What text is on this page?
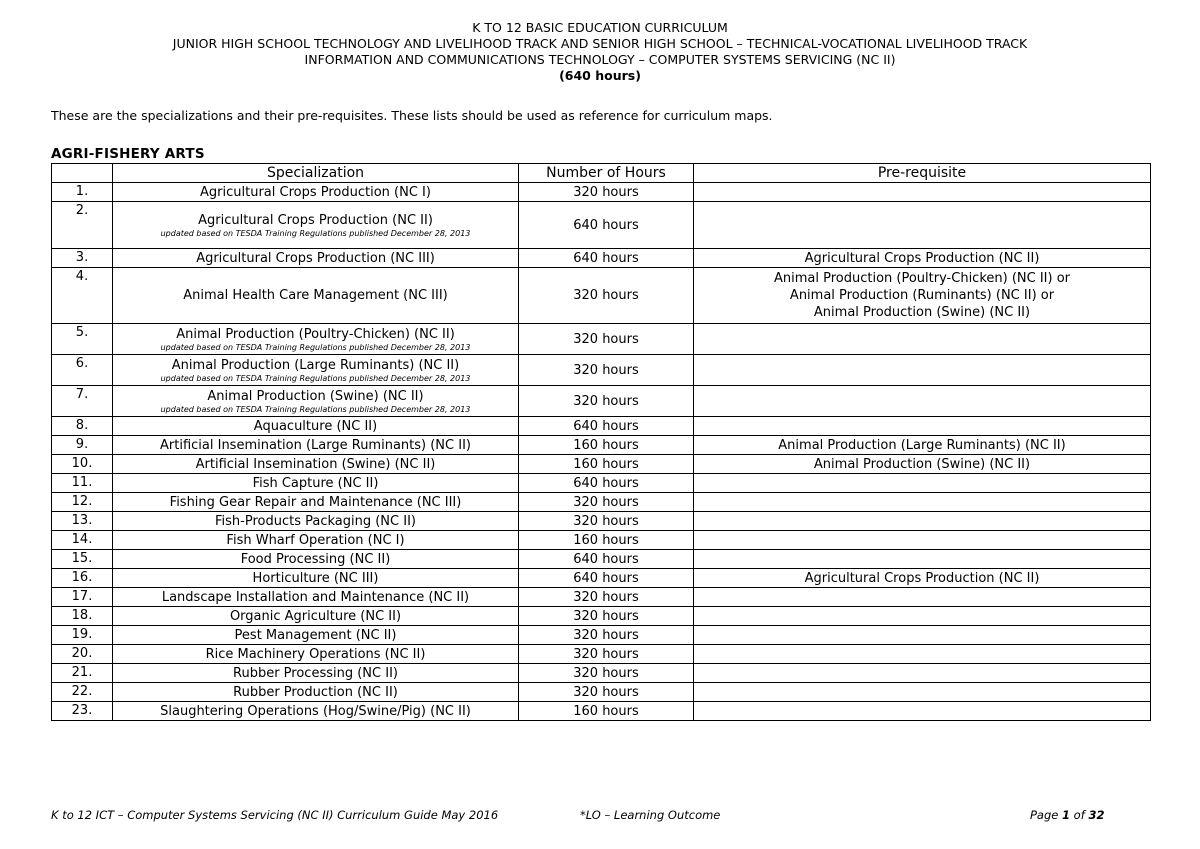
K TO 12 BASIC EDUCATION CURRICULUM
JUNIOR HIGH SCHOOL TECHNOLOGY AND LIVELIHOOD TRACK AND SENIOR HIGH SCHOOL – TECHNICAL-VOCATIONAL LIVELIHOOD TRACK
INFORMATION AND COMMUNICATIONS TECHNOLOGY – COMPUTER SYSTEMS SERVICING (NC II)
(640 hours)
These are the specializations and their pre-requisites. These lists should be used as reference for curriculum maps.
AGRI-FISHERY ARTS
	Specialization	Number of Hours	Pre-requisite
1.	Agricultural Crops Production (NC I)	320 hours	
2.	Agricultural Crops Production (NC II)
updated based on TESDA Training Regulations published December 28, 2013	640 hours	
3.	Agricultural Crops Production (NC III)	640 hours	Agricultural Crops Production (NC II)

4.	Animal Health Care Management (NC III)	320 hours	Animal Production (Poultry-Chicken) (NC II) or
Animal Production (Ruminants) (NC II) or
Animal Production (Swine) (NC II)

5.	Animal Production (Poultry-Chicken) (NC II)
updated based on TESDA Training Regulations published December 28, 2013	320 hours	
6.	Animal Production (Large Ruminants) (NC II)
updated based on TESDA Training Regulations published December 28, 2013	320 hours	
7.	Animal Production (Swine) (NC II)
updated based on TESDA Training Regulations published December 28, 2013	320 hours	
8.	Aquaculture (NC II)	640 hours	
9.	Artificial Insemination (Large Ruminants) (NC II)	160 hours	Animal Production (Large Ruminants) (NC II)

10.	Artificial Insemination (Swine) (NC II)	160 hours	Animal Production (Swine) (NC II)

11.	Fish Capture (NC II)	640 hours	
12.	Fishing Gear Repair and Maintenance (NC III)	320 hours	
13.	Fish-Products Packaging (NC II)	320 hours	
14.	Fish Wharf Operation (NC I)	160 hours	
15.	Food Processing (NC II)	640 hours	
16.	Horticulture (NC III)	640 hours	Agricultural Crops Production (NC II)

17.	Landscape Installation and Maintenance (NC II)	320 hours	
18.	Organic Agriculture (NC II)	320 hours	
19.	Pest Management (NC II)	320 hours	
20.	Rice Machinery Operations (NC II)	320 hours	
21.	Rubber Processing (NC II)	320 hours	
22.	Rubber Production (NC II)	320 hours	
23.	Slaughtering Operations (Hog/Swine/Pig) (NC II)	160 hours	
K to 12 ICT – Computer Systems Servicing (NC II) Curriculum Guide May 2016	*LO – Learning Outcome	Page 1 of 32
